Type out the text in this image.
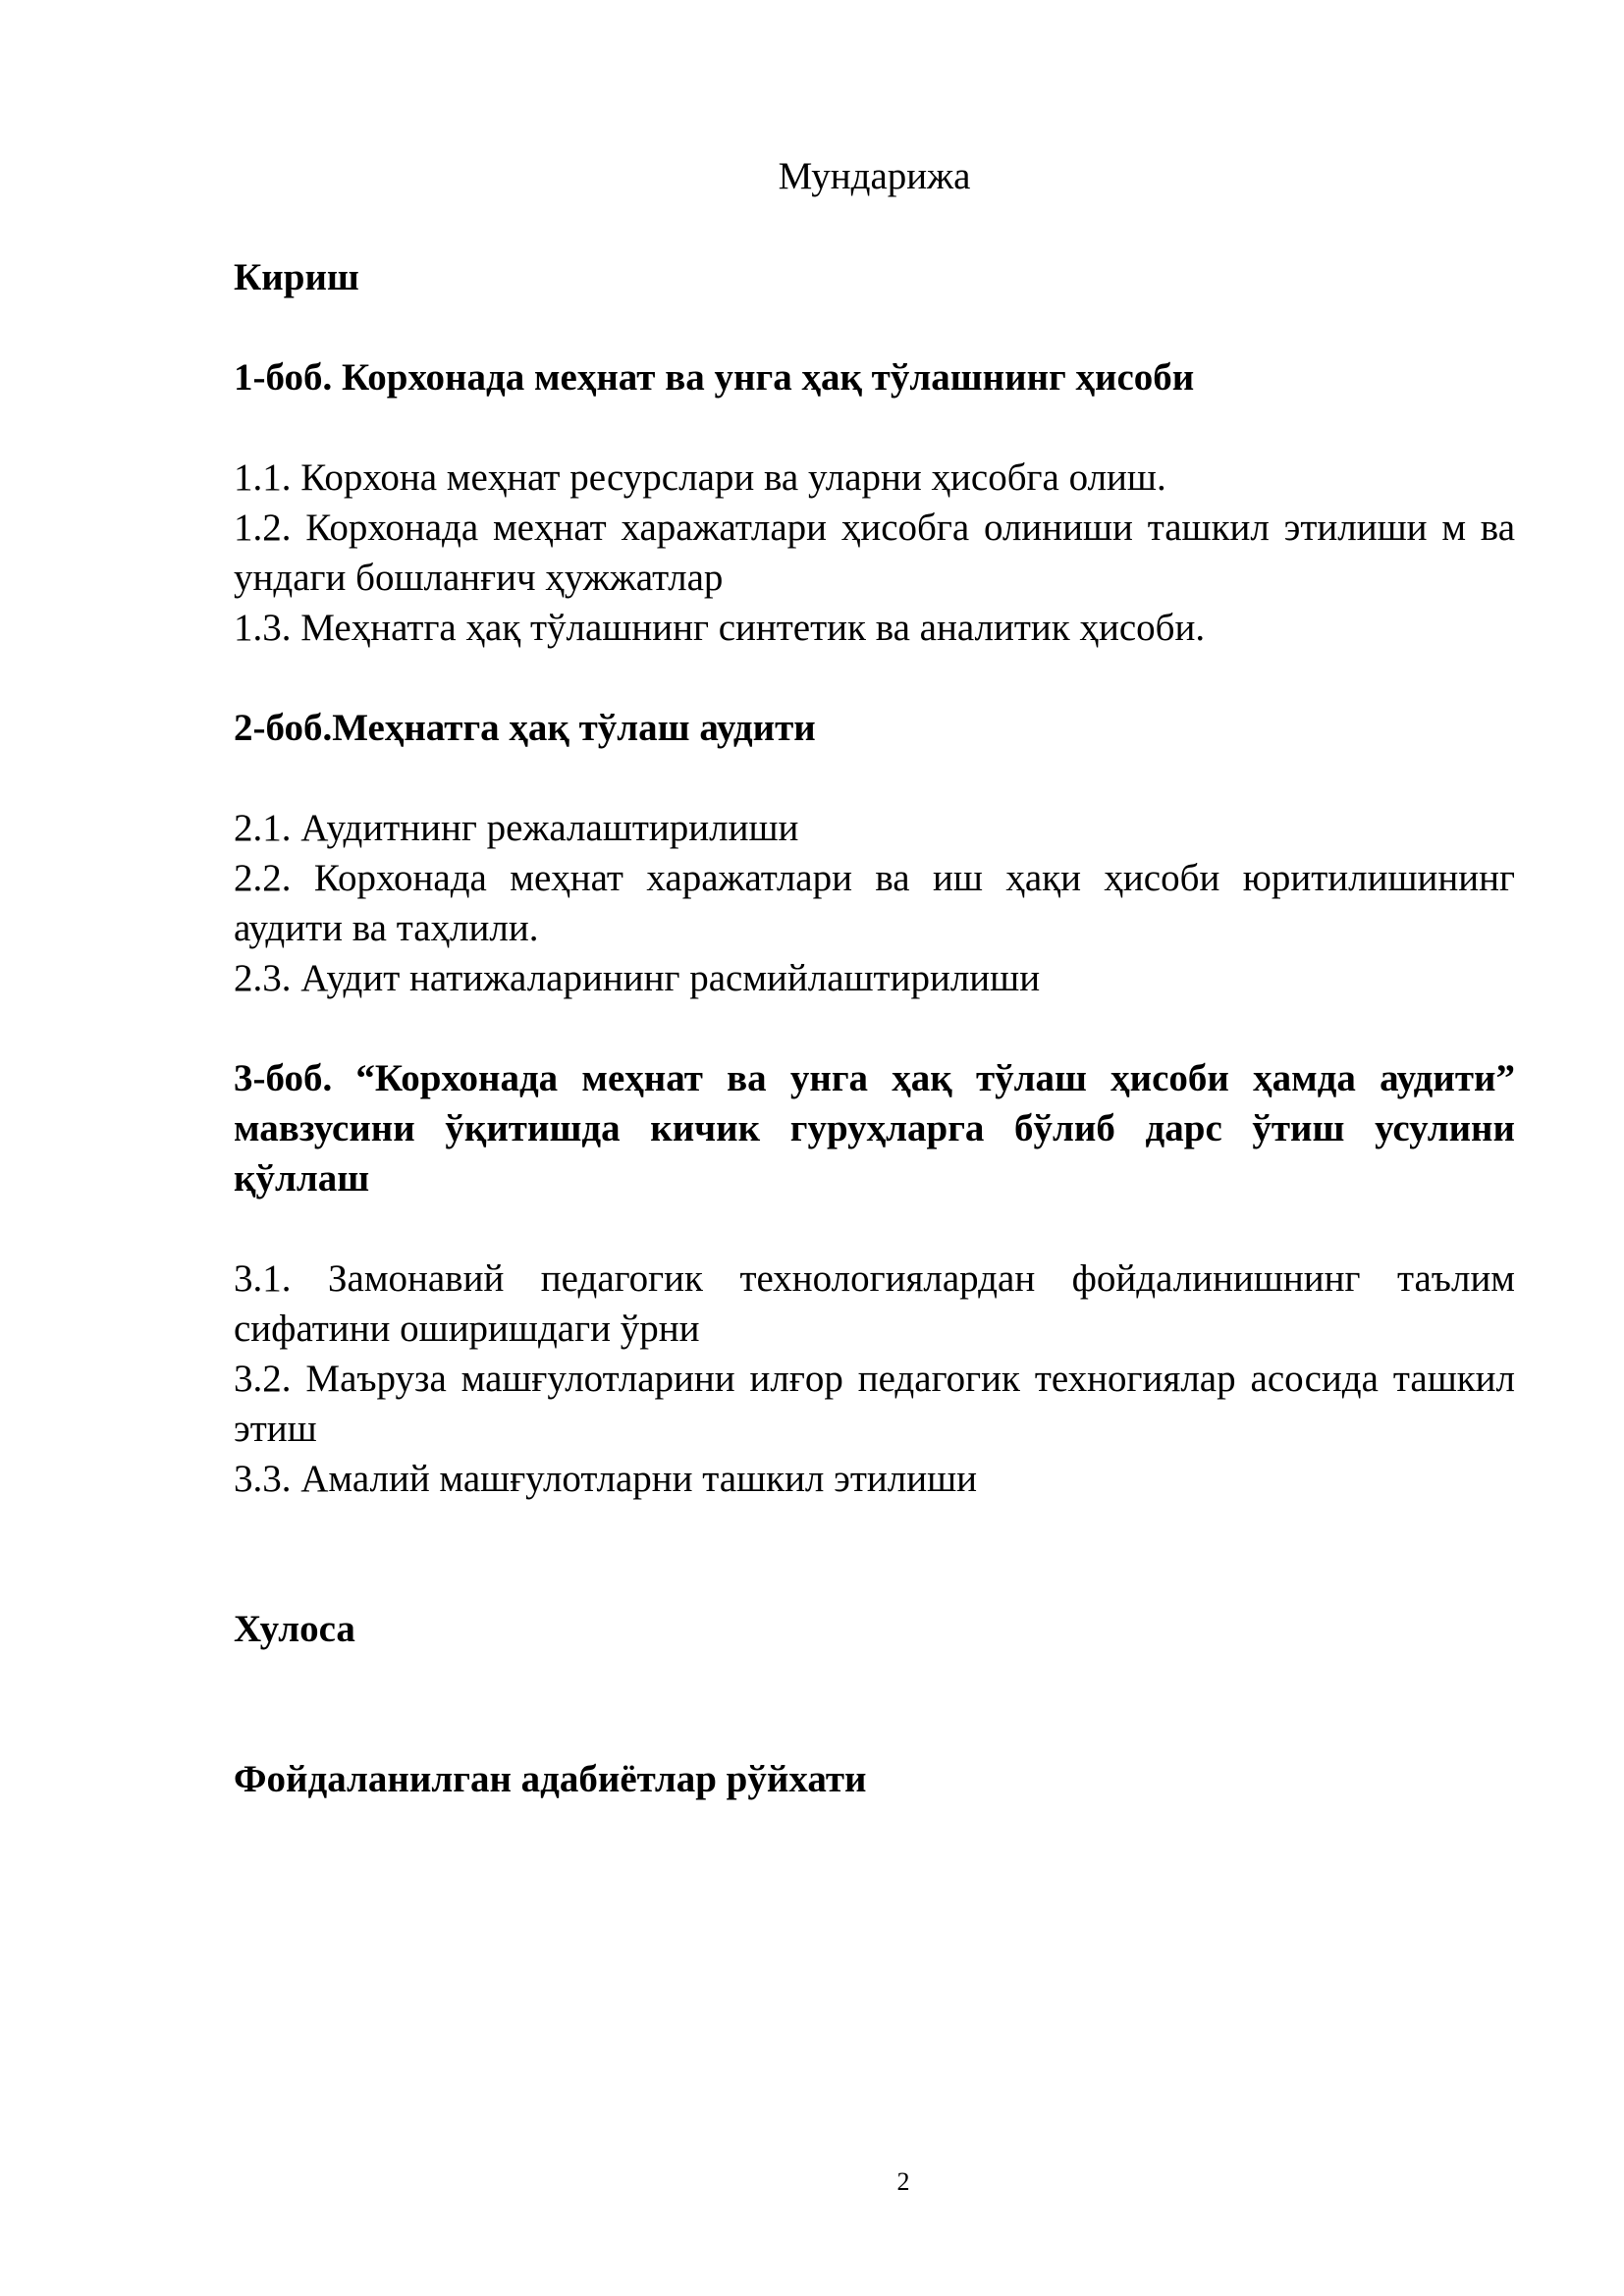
Мундарижа

Кириш

1-боб. Корхонада меҳнат ва унга ҳақ тўлашнинг ҳисоби

1.1. Корхона меҳнат ресурслари ва уларни ҳисобга олиш.

1.2. Корхонада меҳнат харажатлари ҳисобга олиниши ташкил этилиши м ва ундаги бошланғич ҳужжатлар

1.3. Меҳнатга ҳақ тўлашнинг синтетик ва аналитик ҳисоби.

2-боб.Меҳнатга ҳақ тўлаш аудити

2.1. Аудитнинг режалаштирилиши

2.2. Корхонада меҳнат харажатлари ва иш ҳақи ҳисоби юритилишининг аудити ва таҳлили.

2.3. Аудит натижаларининг расмийлаштирилиши

3-боб. “Корхонада меҳнат ва унга ҳақ тўлаш ҳисоби ҳамда аудити” мавзусини ўқитишда кичик гуруҳларга бўлиб дарс ўтиш усулини қўллаш

3.1. Замонавий педагогик технологиялардан фойдалинишнинг таълим сифатини оширишдаги ўрни

3.2. Маъруза машғулотларини илғор педагогик техногиялар асосида ташкил этиш

3.3. Амалий машғулотларни ташкил этилиши

Хулоса

Фойдаланилган адабиётлар рўйхати

2
